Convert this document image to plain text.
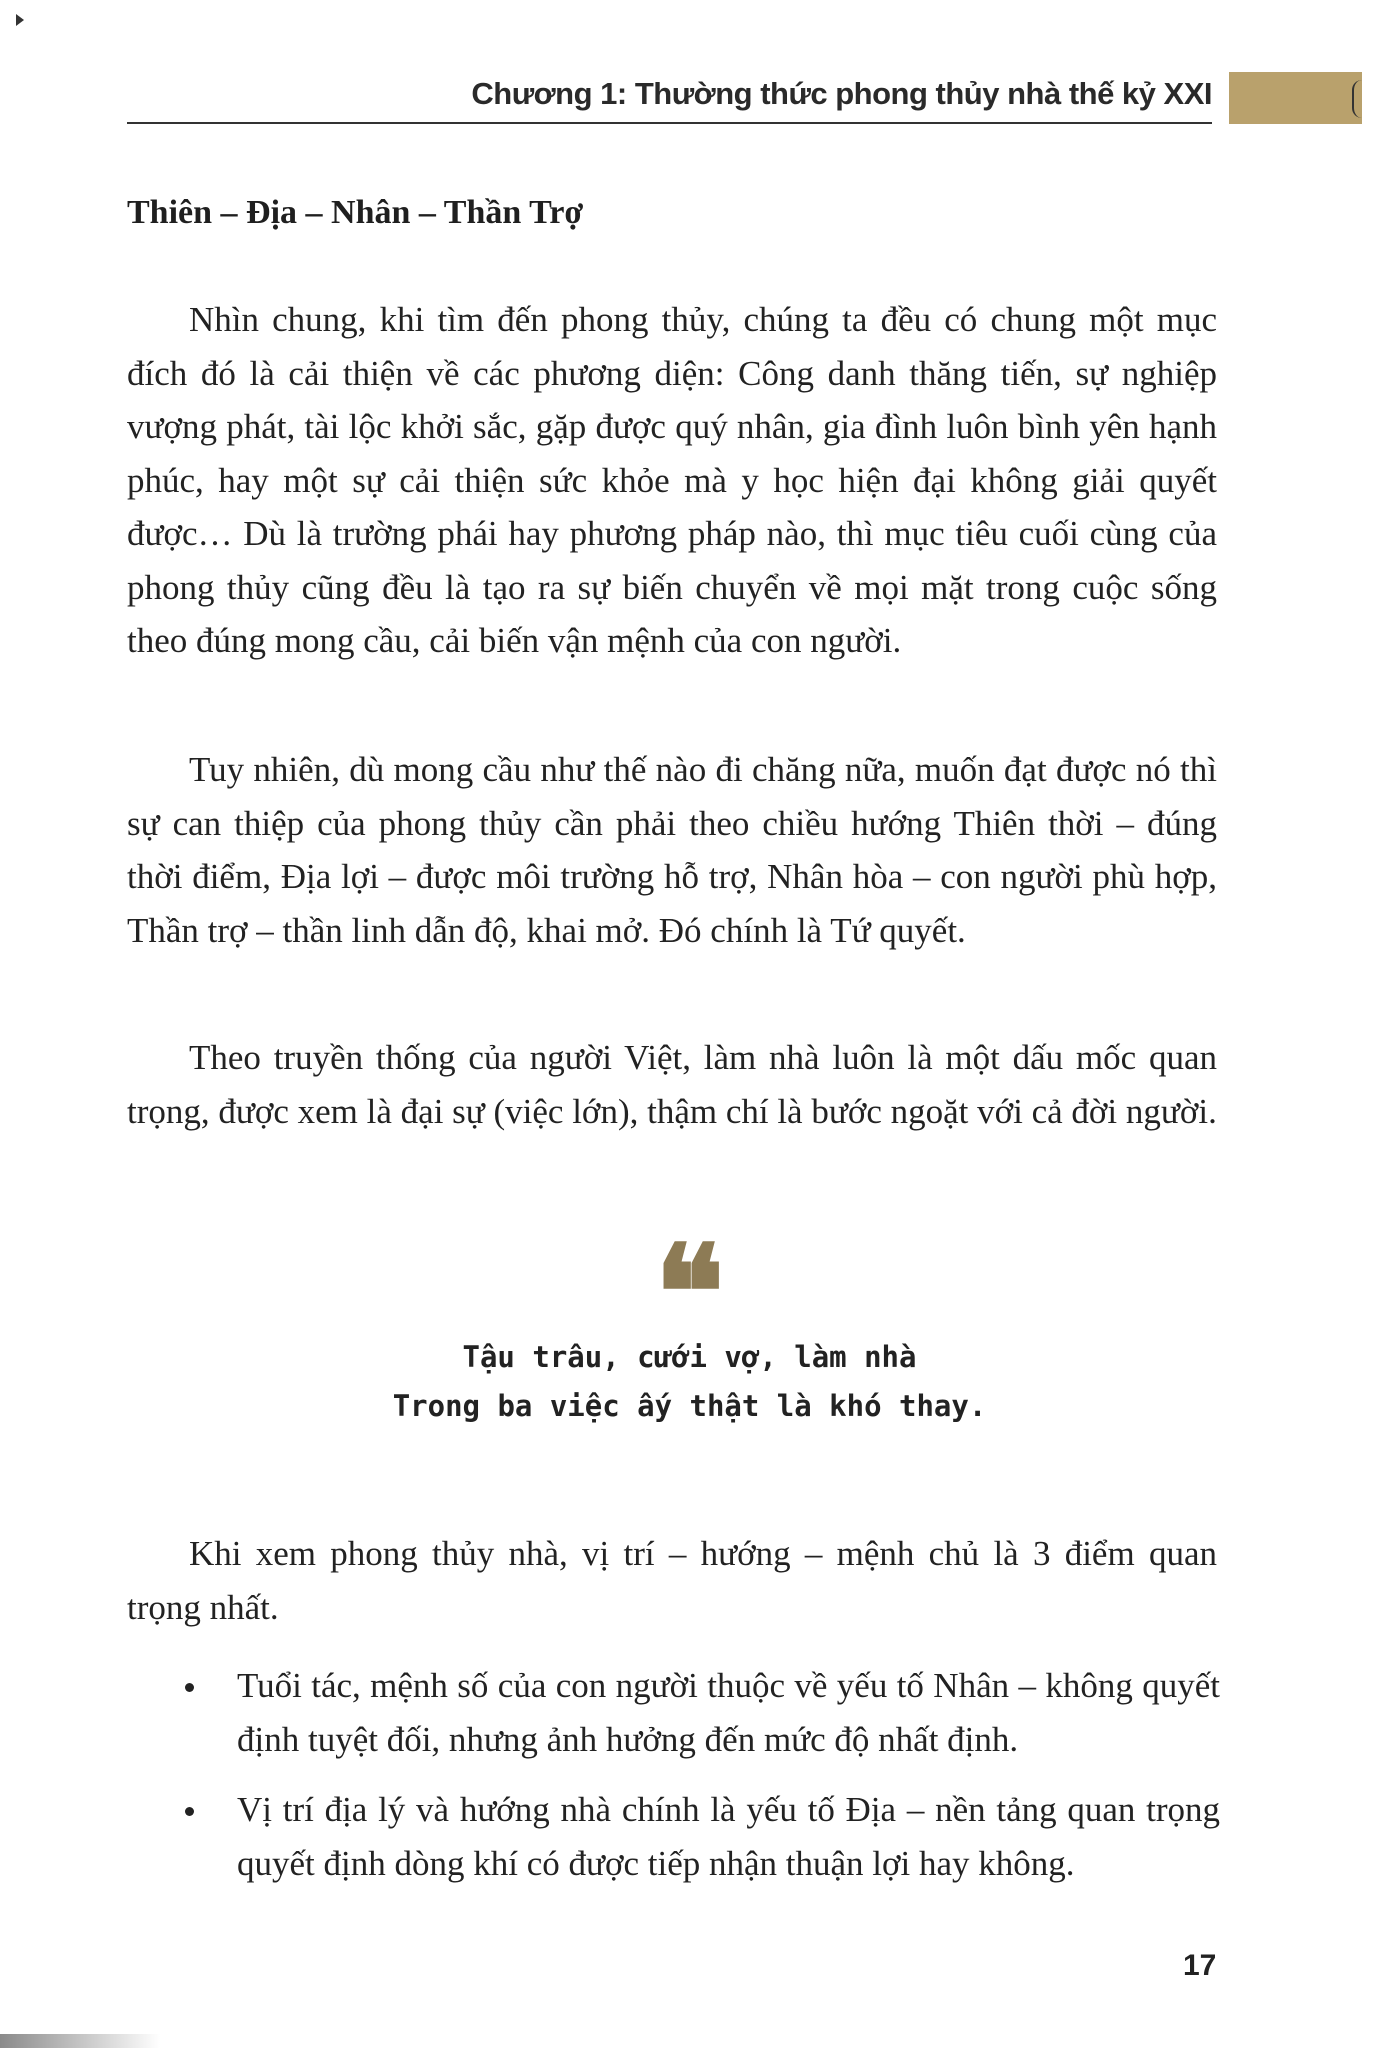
Chương 1: Thường thức phong thủy nhà thế kỷ XXI
Thiên – Địa – Nhân – Thần Trợ

Nhìn chung, khi tìm đến phong thủy, chúng ta đều có chung một mục đích đó là cải thiện về các phương diện: Công danh thăng tiến, sự nghiệp vượng phát, tài lộc khởi sắc, gặp được quý nhân, gia đình luôn bình yên hạnh phúc, hay một sự cải thiện sức khỏe mà y học hiện đại không giải quyết được… Dù là trường phái hay phương pháp nào, thì mục tiêu cuối cùng của phong thủy cũng đều là tạo ra sự biến chuyển về mọi mặt trong cuộc sống theo đúng mong cầu, cải biến vận mệnh của con người.

Tuy nhiên, dù mong cầu như thế nào đi chăng nữa, muốn đạt được nó thì sự can thiệp của phong thủy cần phải theo chiều hướng Thiên thời – đúng thời điểm, Địa lợi – được môi trường hỗ trợ, Nhân hòa – con người phù hợp, Thần trợ – thần linh dẫn độ, khai mở. Đó chính là Tứ quyết.

Theo truyền thống của người Việt, làm nhà luôn là một dấu mốc quan trọng, được xem là đại sự (việc lớn), thậm chí là bước ngoặt với cả đời người.

❝
Tậu trâu, cưới vợ, làm nhà
Trong ba việc ấy thật là khó thay.

Khi xem phong thủy nhà, vị trí – hướng – mệnh chủ là 3 điểm quan trọng nhất.

Tuổi tác, mệnh số của con người thuộc về yếu tố Nhân – không quyết định tuyệt đối, nhưng ảnh hưởng đến mức độ nhất định.
Vị trí địa lý và hướng nhà chính là yếu tố Địa – nền tảng quan trọng quyết định dòng khí có được tiếp nhận thuận lợi hay không.
17
